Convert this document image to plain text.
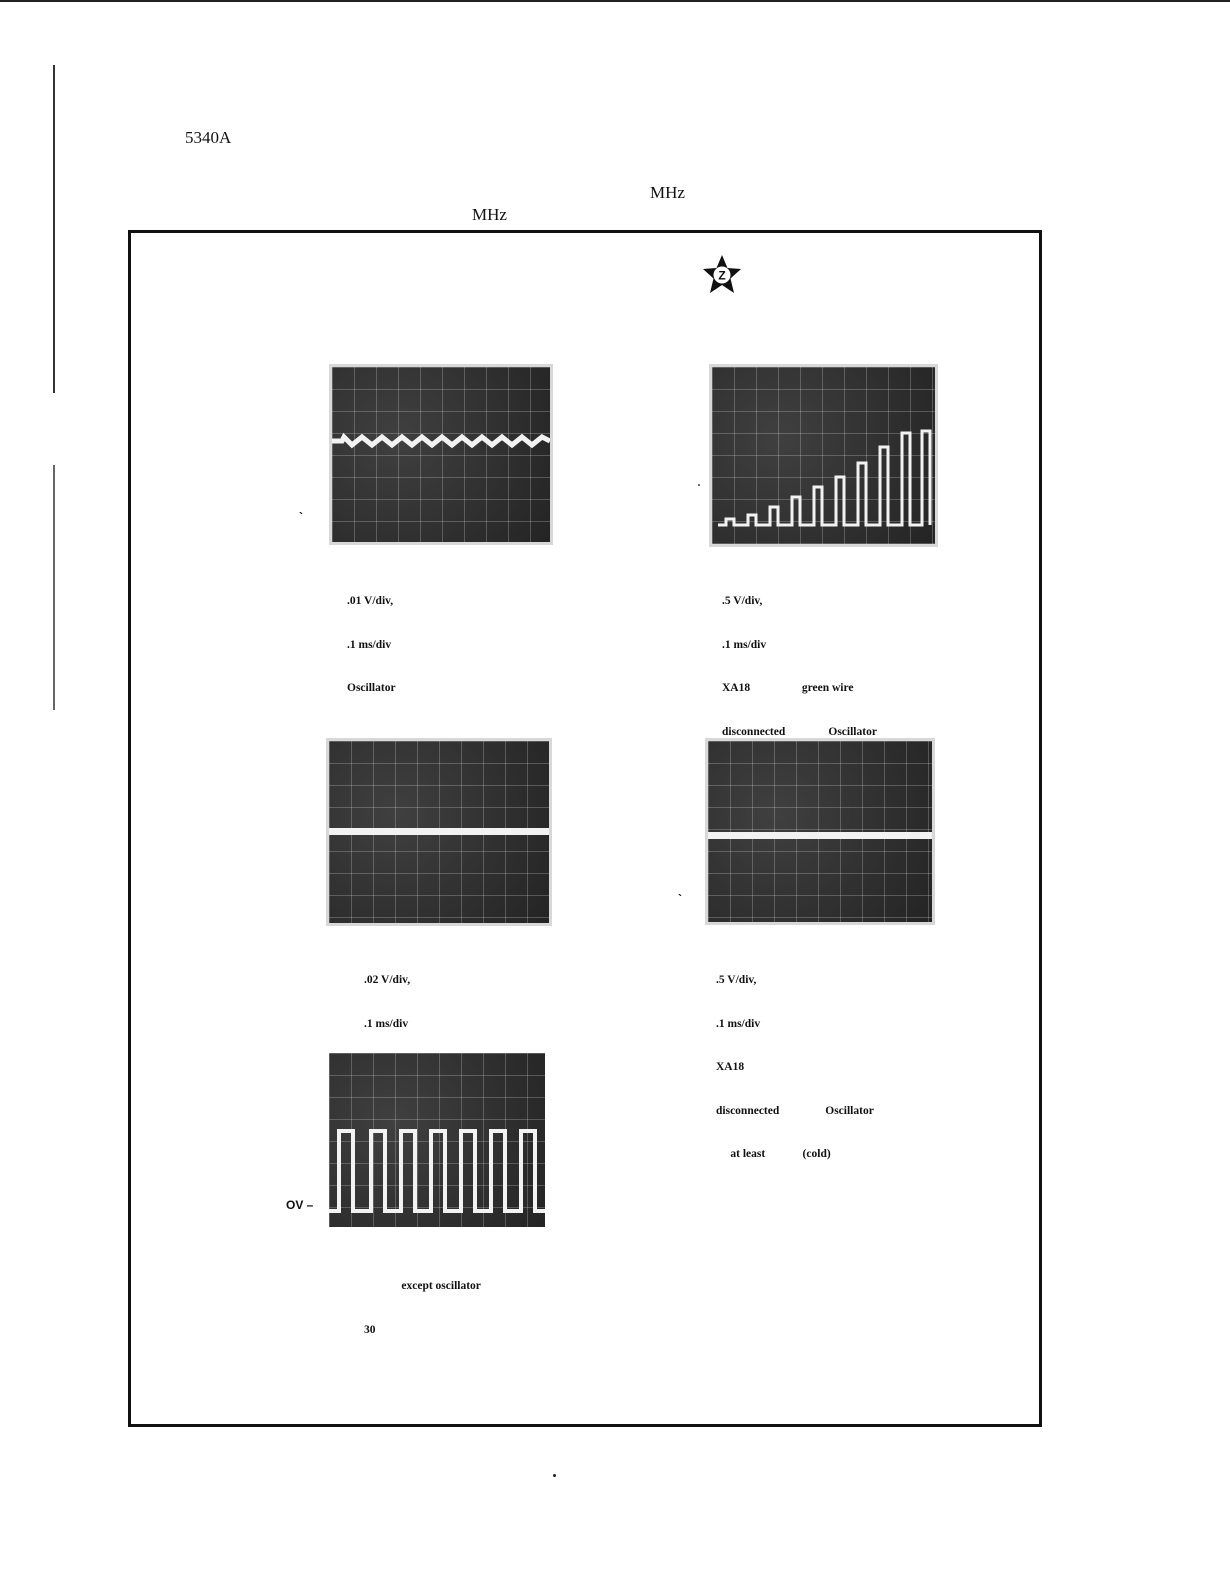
5340A
MHz
MHz
Z

.01 V/div,

.1 ms/div

Oscillator

`

.5 V/div,

.1 ms/div

XA18                  green wire

disconnected               Oscillator

.02 V/div,

.1 ms/div

.5 V/div,

.1 ms/div

XA18

disconnected                Oscillator

at least             (cold)

`
OV –

except oscillator

30
